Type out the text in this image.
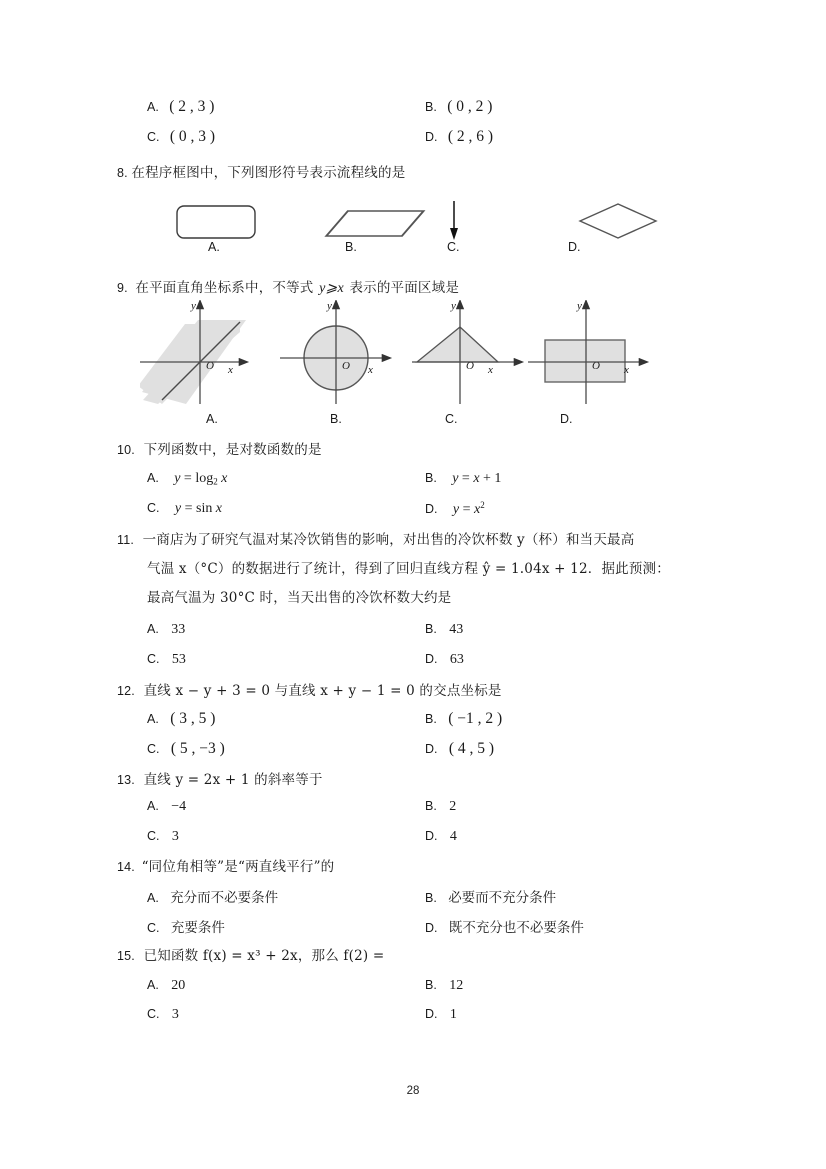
A. ( 2 , 3 )	B. ( 0 , 2 )
C. ( 0 , 3 )	D. ( 2 , 6 )
8. 在程序框图中，下列图形符号表示流程线的是
A.	B.	C.	D.
9. 在平面直角坐标系中，不等式 y⩾x 表示的平面区域是
y
O x
y
O x
y
O x
y
O x
A.	B.	C.	D.
10. 下列函数中，是对数函数的是
A. $y = \log_2 x$	B. y = x + 1
C. y = sin x	D. $y = x^2$
11. 一商店为了研究气温对某冷饮销售的影响，对出售的冷饮杯数 y（杯）和当天最高
气温 x（°C）的数据进行了统计，得到了回归直线方程 ŷ = 1.04x + 12．据此预测：
最高气温为 30°C 时，当天出售的冷饮杯数大约是
A. 33	B. 43
C. 53	D. 63
12. 直线 x − y + 3 = 0 与直线 x + y − 1 = 0 的交点坐标是
A. ( 3 , 5 )	B. ( −1 , 2 )
C. ( 5 , −3 )	D. ( 4 , 5 )
13. 直线 y = 2x + 1 的斜率等于
A. −4	B. 2
C. 3	D. 4
14. “同位角相等”是“两直线平行”的
A. 充分而不必要条件	B. 必要而不充分条件
C. 充要条件	D. 既不充分也不必要条件
15. 已知函数 f(x) = x³ + 2x，那么 f(2) =
A. 20	B. 12
C. 3	D. 1
28
